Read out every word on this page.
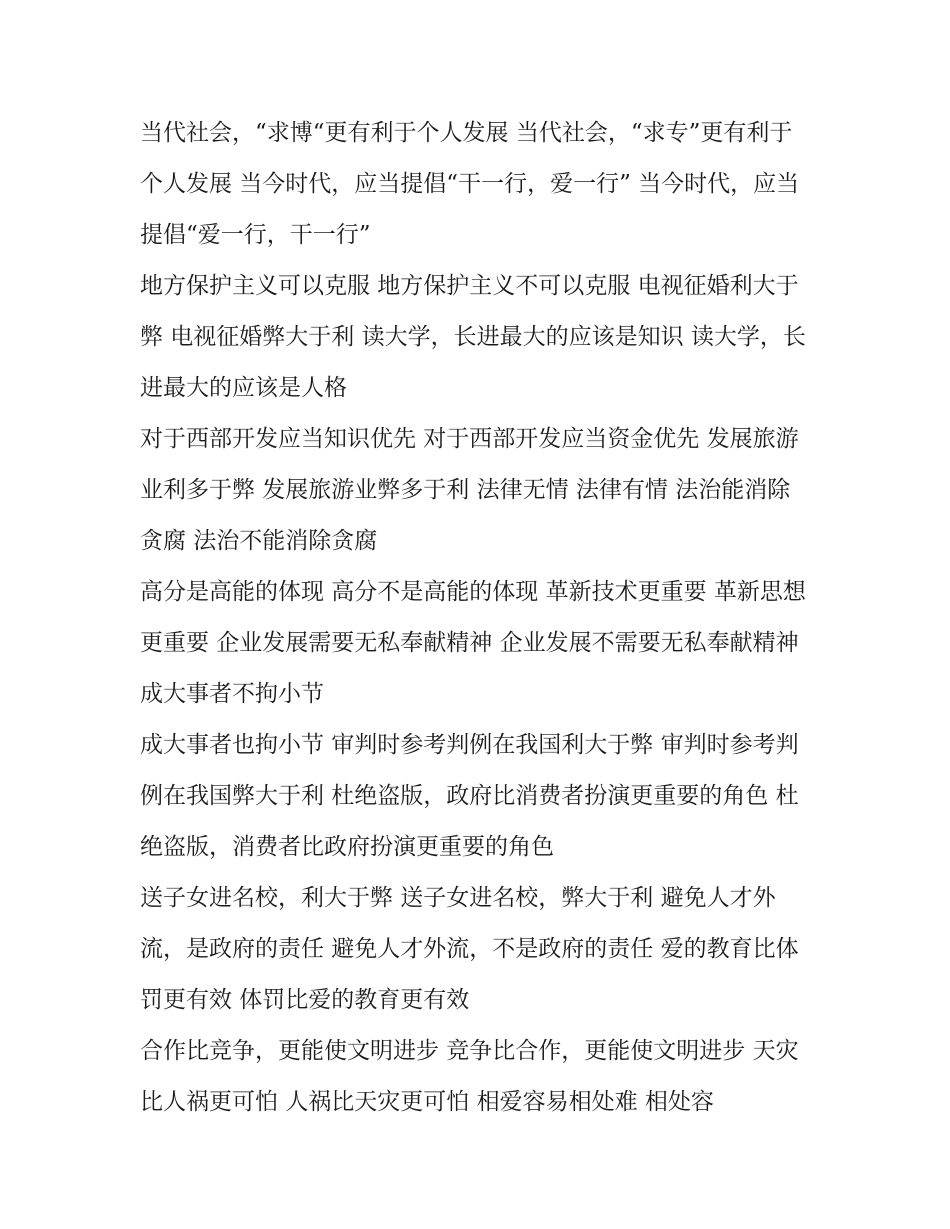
当代社会，“求博“更有利于个人发展 当代社会，“求专”更有利于个人发展 当今时代，应当提倡“干一行，爱一行” 当今时代，应当提倡“爱一行，干一行”

地方保护主义可以克服 地方保护主义不可以克服 电视征婚利大于弊 电视征婚弊大于利 读大学，长进最大的应该是知识 读大学，长进最大的应该是人格

对于西部开发应当知识优先 对于西部开发应当资金优先 发展旅游业利多于弊 发展旅游业弊多于利 法律无情 法律有情 法治能消除贪腐 法治不能消除贪腐

高分是高能的体现 高分不是高能的体现 革新技术更重要 革新思想更重要 企业发展需要无私奉献精神 企业发展不需要无私奉献精神 成大事者不拘小节

成大事者也拘小节 审判时参考判例在我国利大于弊 审判时参考判例在我国弊大于利 杜绝盗版，政府比消费者扮演更重要的角色 杜绝盗版，消费者比政府扮演更重要的角色

送子女进名校，利大于弊 送子女进名校，弊大于利 避免人才外流，是政府的责任 避免人才外流，不是政府的责任 爱的教育比体罚更有效 体罚比爱的教育更有效

合作比竞争，更能使文明进步 竞争比合作，更能使文明进步 天灾比人祸更可怕 人祸比天灾更可怕 相爱容易相处难 相处容
